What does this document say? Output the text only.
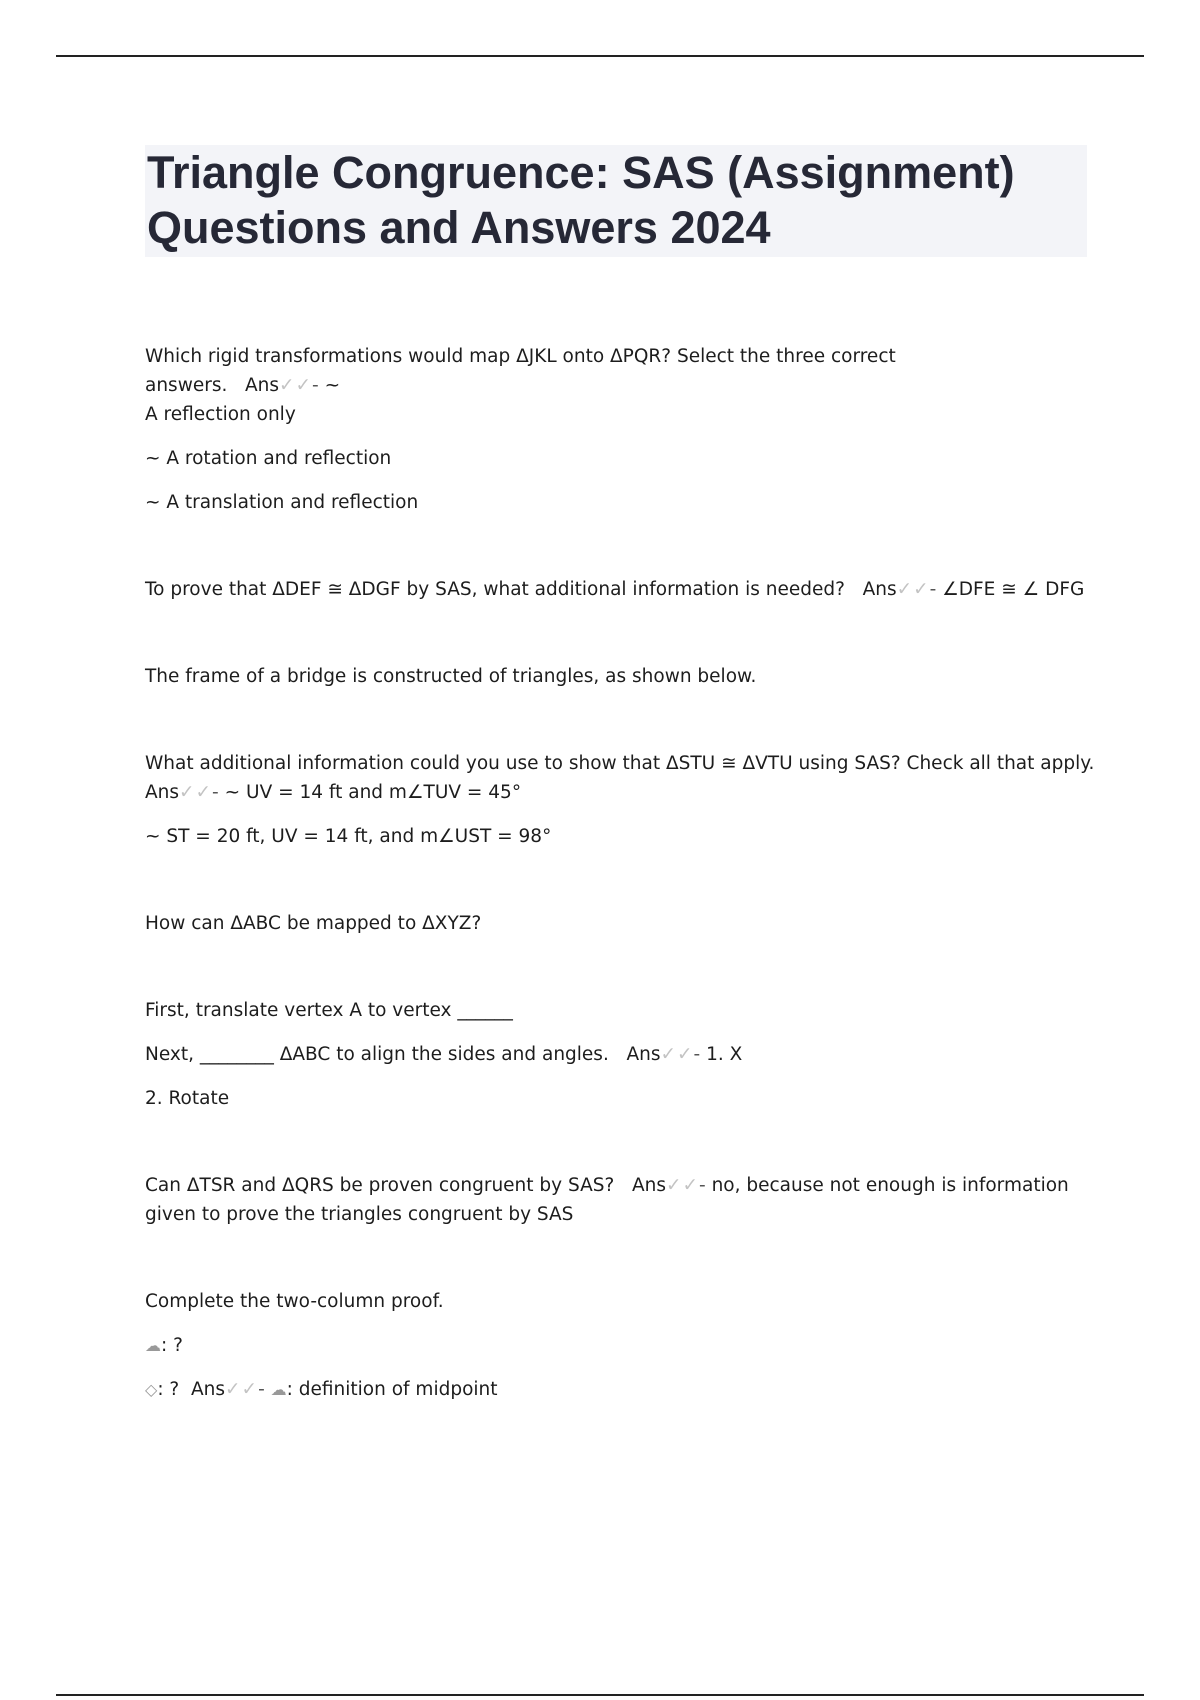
Triangle Congruence: SAS (Assignment)
Questions and Answers 2024

Which rigid transformations would map ΔJKL onto ΔPQR? Select the three correct answers. Ans✓✓- ~

A reflection only

~ A rotation and reflection

~ A translation and reflection

To prove that ΔDEF ≅ ΔDGF by SAS, what additional information is needed? Ans✓✓- ∠DFE ≅ ∠ DFG

The frame of a bridge is constructed of triangles, as shown below.

What additional information could you use to show that ΔSTU ≅ ΔVTU using SAS? Check all that apply.

Ans✓✓- ~ UV = 14 ft and m∠TUV = 45°

~ ST = 20 ft, UV = 14 ft, and m∠UST = 98°

How can ΔABC be mapped to ΔXYZ?

First, translate vertex A to vertex ______

Next, ________ ΔABC to align the sides and angles. Ans✓✓- 1. X

2. Rotate

Can ΔTSR and ΔQRS be proven congruent by SAS? Ans✓✓- no, because not enough is information given to prove the triangles congruent by SAS

Complete the two-column proof.

☁: ?

◇: ? Ans✓✓- ☁: definition of midpoint
